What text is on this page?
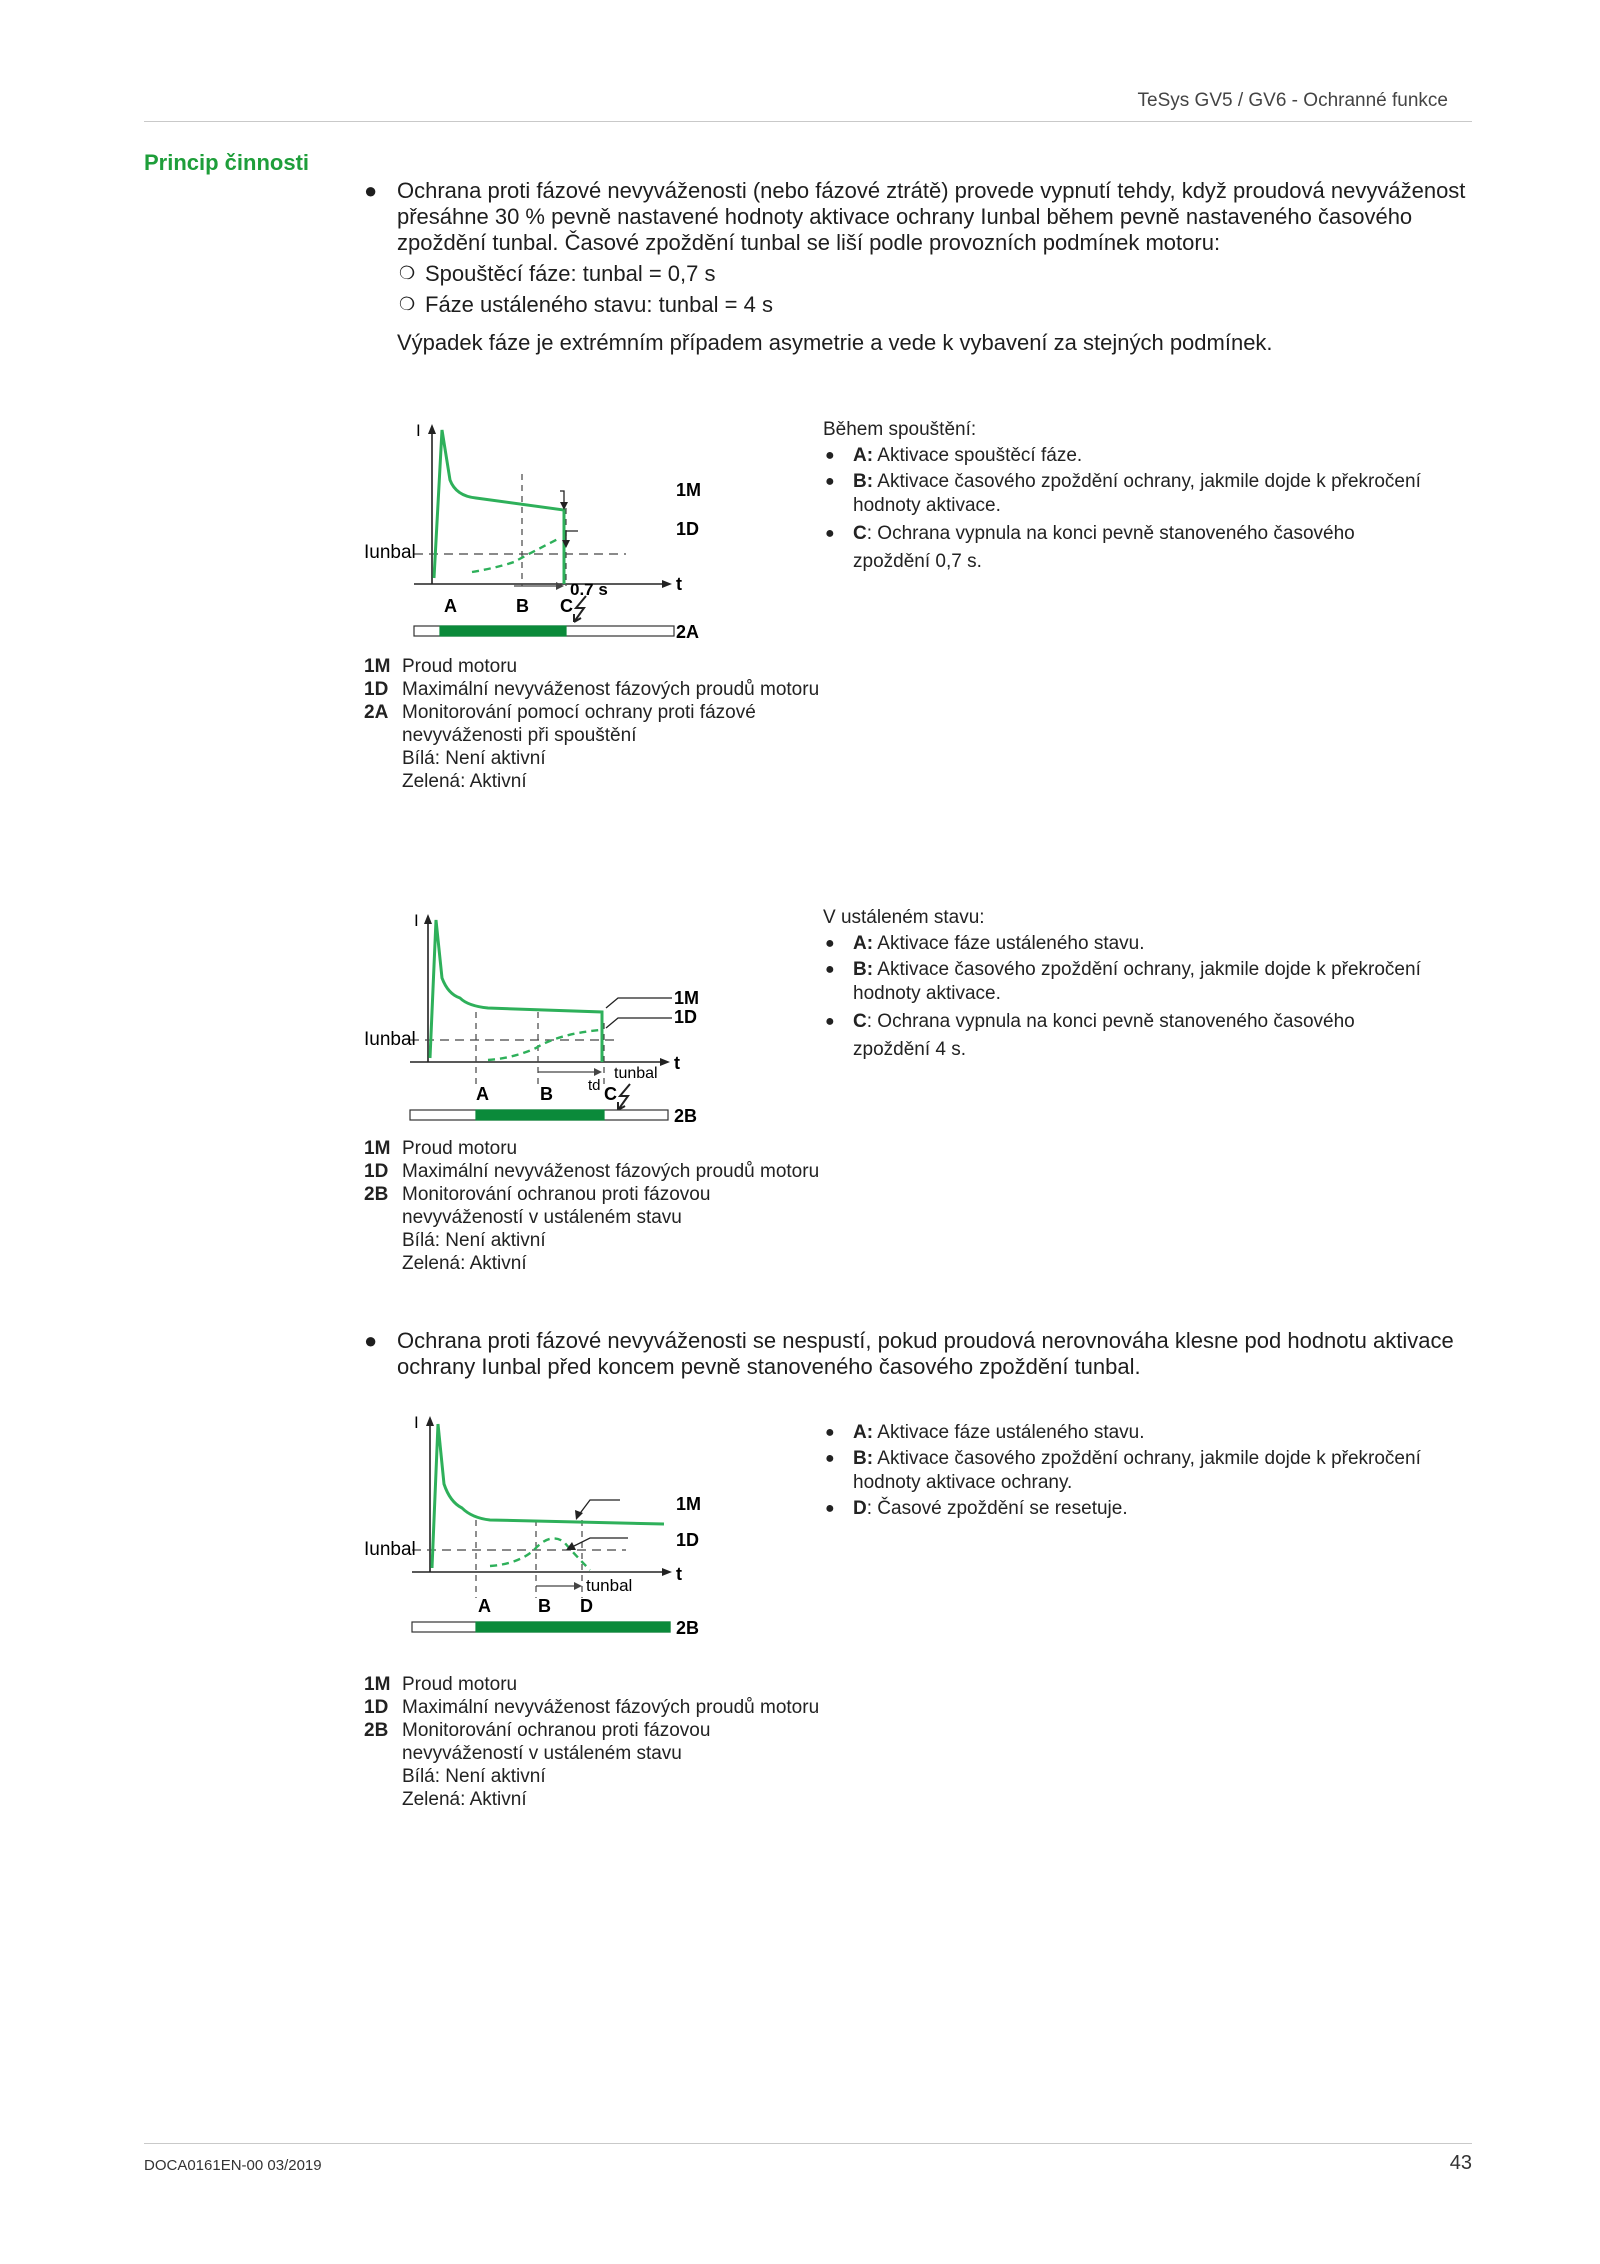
TeSys GV5 / GV6 - Ochranné funkce
Princip činnosti
● Ochrana proti fázové nevyváženosti (nebo fázové ztrátě) provede vypnutí tehdy, když proudová nevyváženost přesáhne 30 % pevně nastavené hodnoty aktivace ochrany Iunbal během pevně nastaveného časového zpoždění tunbal. Časové zpoždění tunbal se liší podle provozních podmínek motoru:
❍ Spouštěcí fáze: tunbal = 0,7 s
❍ Fáze ustáleného stavu: tunbal = 4 s
Výpadek fáze je extrémním případem asymetrie a vede k vybavení za stejných podmínek.
I
t
Iunbal
1M
1D
0.7 s
A	B C
2A
Během spouštění:
● A: Aktivace spouštěcí fáze.
● B: Aktivace časového zpoždění ochrany, jakmile dojde k překročení hodnoty aktivace.
● C: Ochrana vypnula na konci pevně stanoveného časového zpoždění 0,7 s.
1M Proud motoru
1D Maximální nevyváženost fázových proudů motoru
2A Monitorování pomocí ochrany proti fázové nevyváženosti při spouštění
Bílá: Není aktivní
Zelená: Aktivní
I
t
Iunbal
1M
1D
tunbal
td
A	B	C
2B
V ustáleném stavu:
● A: Aktivace fáze ustáleného stavu.
● B: Aktivace časového zpoždění ochrany, jakmile dojde k překročení hodnoty aktivace.
● C: Ochrana vypnula na konci pevně stanoveného časového zpoždění 4 s.
1M Proud motoru
1D Maximální nevyváženost fázových proudů motoru
2B Monitorování ochranou proti fázovou nevyvážeností v ustáleném stavu
Bílá: Není aktivní
Zelená: Aktivní
● Ochrana proti fázové nevyváženosti se nespustí, pokud proudová nerovnováha klesne pod hodnotu aktivace ochrany Iunbal před koncem pevně stanoveného časového zpoždění tunbal.
I
t
Iunbal
1M
1D
tunbal
A	B D
2B
● A: Aktivace fáze ustáleného stavu.
● B: Aktivace časového zpoždění ochrany, jakmile dojde k překročení hodnoty aktivace ochrany.
● D: Časové zpoždění se resetuje.
1M Proud motoru
1D Maximální nevyváženost fázových proudů motoru
2B Monitorování ochranou proti fázovou nevyvážeností v ustáleném stavu
Bílá: Není aktivní
Zelená: Aktivní
DOCA0161EN-00 03/2019	43
